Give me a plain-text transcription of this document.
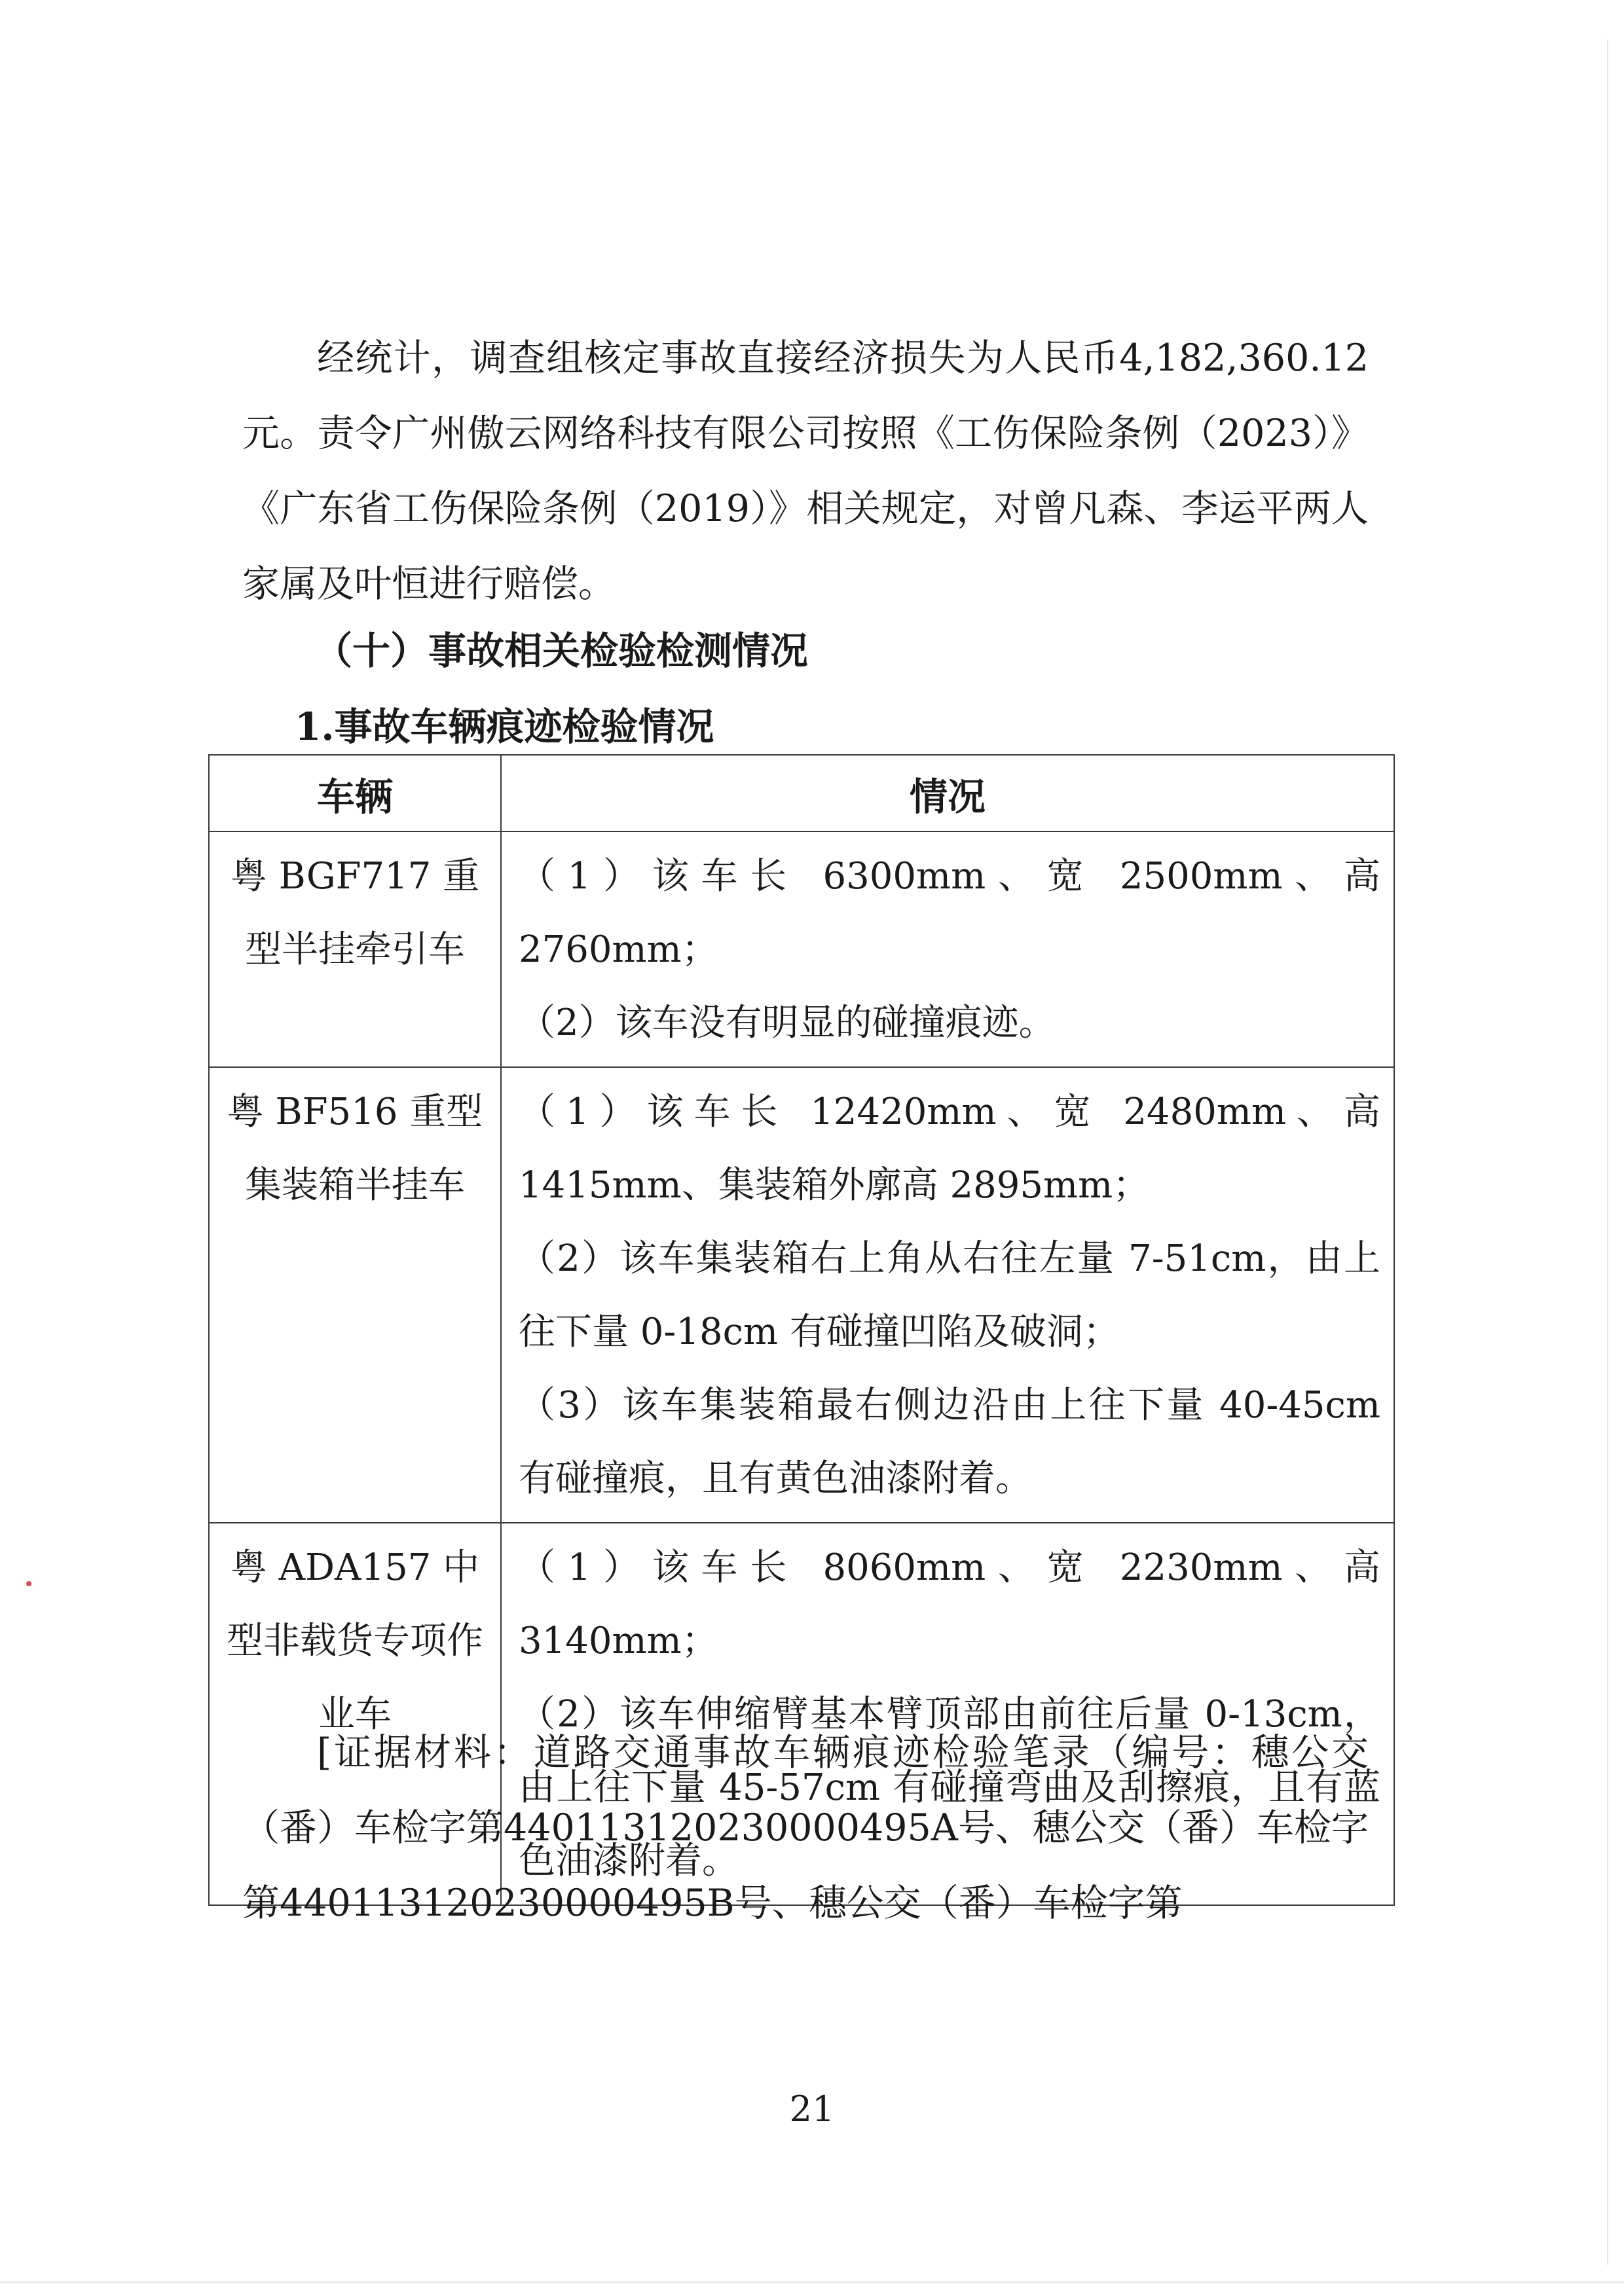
经统计，调查组核定事故直接经济损失为人民币4,182,360.12元。责令广州傲云网络科技有限公司按照《工伤保险条例（2023）》《广东省工伤保险条例（2019）》相关规定，对曾凡森、李运平两人家属及叶恒进行赔偿。
（十）事故相关检验检测情况
1.事故车辆痕迹检验情况
车辆	情况
粤 BGF717 重型半挂牵引车	（1）该车长 6300mm、宽 2500mm、高 2760mm；
（2）该车没有明显的碰撞痕迹。

粤 BF516 重型集装箱半挂车	（1）该车长 12420mm、宽 2480mm、高 1415mm、集装箱外廓高 2895mm；
（2）该车集装箱右上角从右往左量 7-51cm，由上往下量 0-18cm 有碰撞凹陷及破洞；
（3）该车集装箱最右侧边沿由上往下量 40-45cm 有碰撞痕，且有黄色油漆附着。

粤 ADA157 中型非载货专项作业车	（1）该车长 8060mm、宽 2230mm、高 3140mm；
（2）该车伸缩臂基本臂顶部由前往后量 0-13cm，由上往下量 45-57cm 有碰撞弯曲及刮擦痕，且有蓝色油漆附着。
[证据材料：道路交通事故车辆痕迹检验笔录（编号：穗公交（番）车检字第440113120230000495A号、穗公交（番）车检字第440113120230000495B号、穗公交（番）车检字第
21
